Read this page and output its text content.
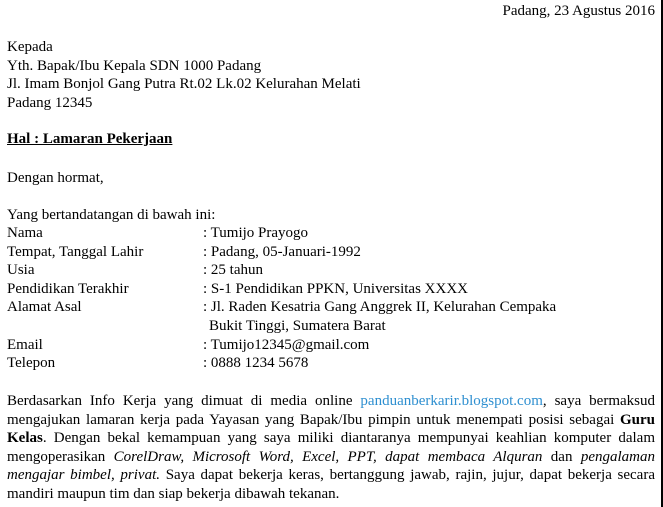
Padang, 23 Agustus 2016
Kepada
Yth. Bapak/Ibu Kepala SDN 1000 Padang
Jl. Imam Bonjol Gang Putra Rt.02 Lk.02 Kelurahan Melati
Padang 12345
Hal : Lamaran Pekerjaan
Dengan hormat,
Yang bertandatangan di bawah ini:
Nama	: Tumijo Prayogo
Tempat, Tanggal Lahir	: Padang, 05-Januari-1992
Usia	: 25 tahun
Pendidikan Terakhir	: S-1 Pendidikan PPKN, Universitas XXXX
Alamat Asal	: Jl. Raden Kesatria Gang Anggrek II, Kelurahan Cempaka
Bukit Tinggi, Sumatera Barat

Email	: Tumijo12345@gmail.com
Telepon	: 0888 1234 5678
Berdasarkan Info Kerja yang dimuat di media online panduanberkarir.blogspot.com, saya bermaksud mengajukan lamaran kerja pada Yayasan yang Bapak/Ibu pimpin untuk menempati posisi sebagai Guru Kelas. Dengan bekal kemampuan yang saya miliki diantaranya mempunyai keahlian komputer dalam mengoperasikan CorelDraw, Microsoft Word, Excel, PPT, dapat membaca Alquran dan pengalaman mengajar bimbel, privat. Saya dapat bekerja keras, bertanggung jawab, rajin, jujur, dapat bekerja secara mandiri maupun tim dan siap bekerja dibawah tekanan.
